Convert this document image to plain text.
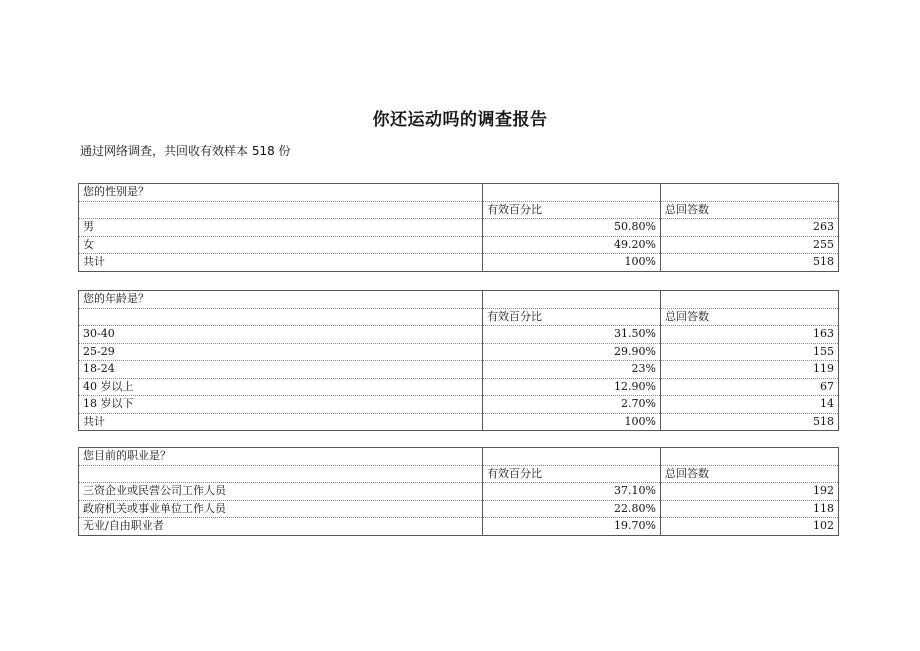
你还运动吗的调查报告
通过网络调查，共回收有效样本 518 份
您的性别是？		
	有效百分比	总回答数
男	50.80%	263
女	49.20%	255
共计	100%	518
您的年龄是？		
	有效百分比	总回答数
30-40	31.50%	163
25-29	29.90%	155
18-24	23%	119
40 岁以上	12.90%	67
18 岁以下	2.70%	14
共计	100%	518
您目前的职业是？		
	有效百分比	总回答数
三资企业或民营公司工作人员	37.10%	192
政府机关或事业单位工作人员	22.80%	118
无业/自由职业者	19.70%	102
